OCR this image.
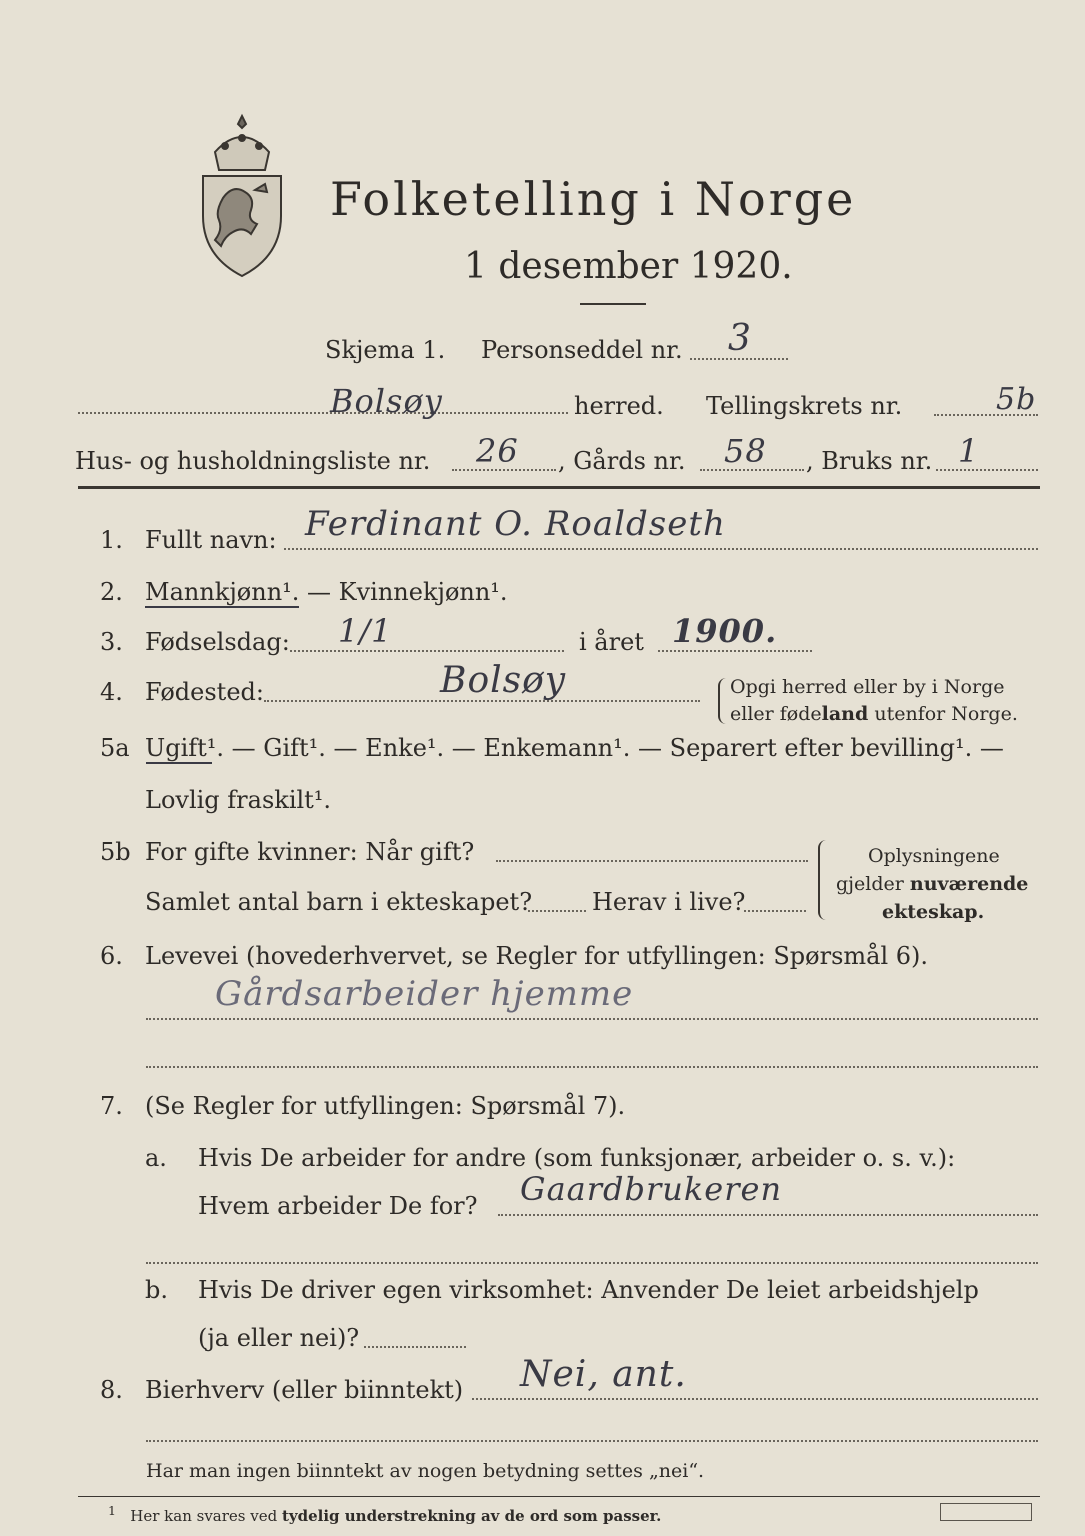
Folketelling i Norge
1 desember 1920.
Skjema 1. Personseddel nr. 3
Bolsøy	herred. Tellingskrets nr.	5b
Hus- og husholdningsliste nr. 26 , Gårds nr. 58 , Bruks nr. 1
1. Fullt navn: Ferdinant O. Roaldseth
2. Mannkjønn¹. — Kvinnekjønn¹.
3. Fødselsdag: 1/1	i året 1900.
4. Fødested:	Bolsøy	Opgi herred eller by i Norge
eller fødeland utenfor Norge.
5a Ugift¹. — Gift¹. — Enke¹. — Enkemann¹. — Separert efter bevilling¹. —
Lovlig fraskilt¹.
5b For gifte kvinner: Når gift?
Samlet antal barn i ekteskapet? Herav i live?
Oplysningene
gjelder nuværende
ekteskap.
6. Levevei (hovederhvervet, se Regler for utfyllingen: Spørsmål 6).
Gårdsarbeider hjemme
7. (Se Regler for utfyllingen: Spørsmål 7).
a. Hvis De arbeider for andre (som funksjonær, arbeider o. s. v.):
Hvem arbeider De for? Gaardbrukeren
b. Hvis De driver egen virksomhet: Anvender De leiet arbeidshjelp
(ja eller nei)?
8. Bierhverv (eller biinntekt) Nei, ant.
Har man ingen biinntekt av nogen betydning settes „nei“.
$^1$ Her kan svares ved tydelig understrekning av de ord som passer.
